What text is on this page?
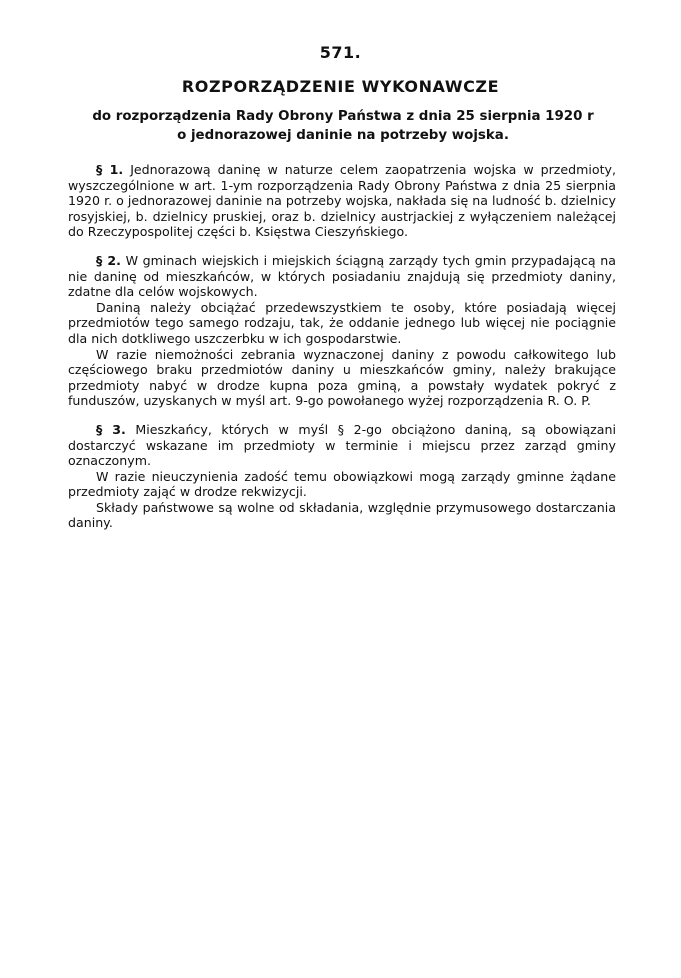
571.
ROZPORZĄDZENIE WYKONAWCZE
do rozporządzenia Rady Obrony Państwa z dnia 25 sierpnia 1920 r
o jednorazowej daninie na potrzeby wojska.

§ 1. Jednorazową daninę w naturze celem zaopatrzenia wojska w przedmioty, wyszczególnione w art. 1-ym rozporządzenia Rady Obrony Państwa z dnia 25 sierpnia 1920 r. o jednorazowej daninie na potrzeby wojska, nakłada się na ludność b. dzielnicy rosyjskiej, b. dzielnicy pruskiej, oraz b. dzielnicy austrjackiej z wyłączeniem należącej do Rzeczypospolitej części b. Księstwa Cieszyńskiego.

§ 2. W gminach wiejskich i miejskich ściągną zarządy tych gmin przypadającą na nie daninę od mieszkańców, w których posiadaniu znajdują się przedmioty daniny, zdatne dla celów wojskowych.

Daniną należy obciążać przedewszystkiem te osoby, które posiadają więcej przedmiotów tego samego rodzaju, tak, że oddanie jednego lub więcej nie pociągnie dla nich dotkliwego uszczerbku w ich gospodarstwie.

W razie niemożności zebrania wyznaczonej daniny z powodu całkowitego lub częściowego braku przedmiotów daniny u mieszkańców gminy, należy brakujące przedmioty nabyć w drodze kupna poza gminą, a powstały wydatek pokryć z funduszów, uzyskanych w myśl art. 9-go powołanego wyżej rozporządzenia R. O. P.

§ 3. Mieszkańcy, których w myśl § 2-go obciążono daniną, są obowiązani dostarczyć wskazane im przedmioty w terminie i miejscu przez zarząd gminy oznaczonym.

W razie nieuczynienia zadość temu obowiązkowi mogą zarządy gminne żądane przedmioty zająć w drodze rekwizycji.

Składy państwowe są wolne od składania, względnie przymusowego dostarczania daniny.
